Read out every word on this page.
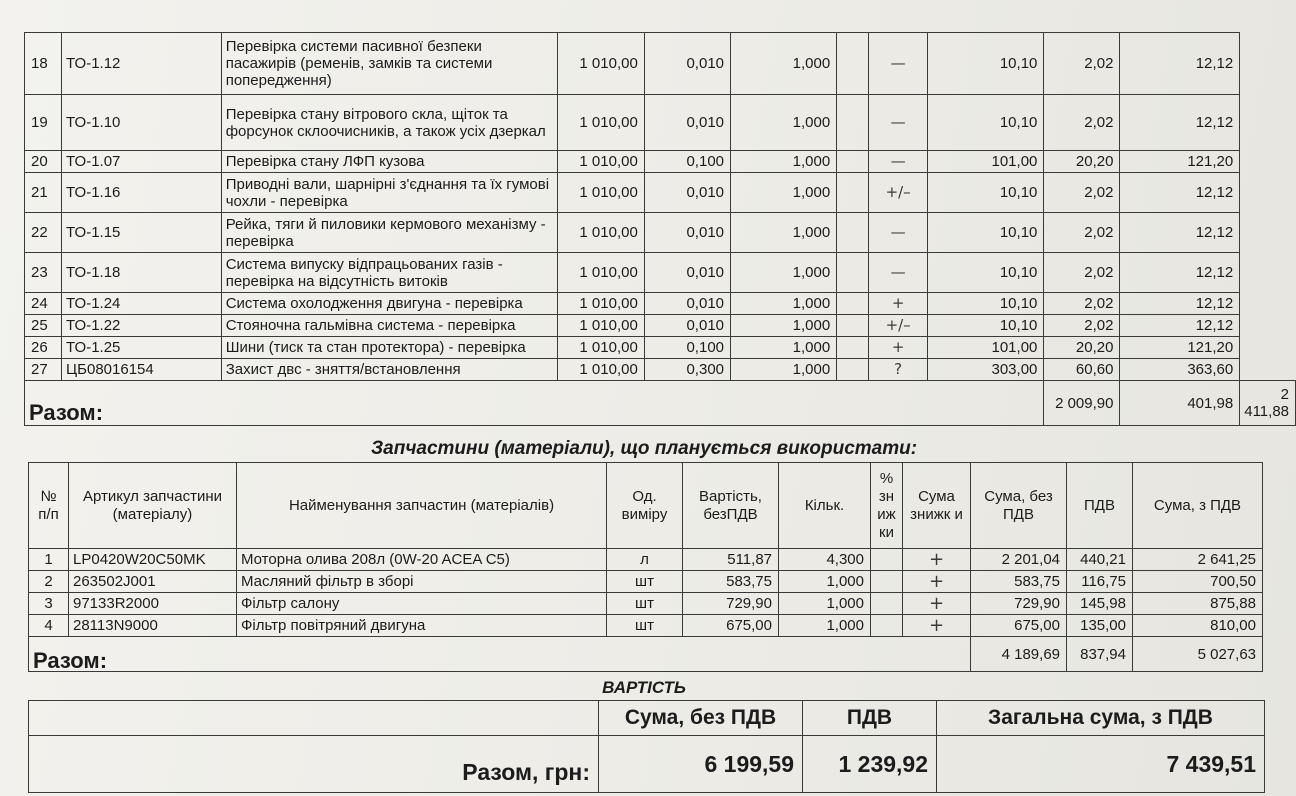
18	ТО-1.12	Перевірка системи пасивної безпеки пасажирів (ременів, замків та системи попередження)	1 010,00	0,010	1,000		—	10,10	2,02	12,12	
19	ТО-1.10	Перевірка стану вітрового скла, щіток та форсунок склоочисників, а також усіх дзеркал	1 010,00	0,010	1,000		—	10,10	2,02	12,12	
20	ТО-1.07	Перевірка стану ЛФП кузова	1 010,00	0,100	1,000		—	101,00	20,20	121,20	
21	ТО-1.16	Приводні вали, шарнірні з'єднання та їх гумові чохли - перевірка	1 010,00	0,010	1,000		+/–	10,10	2,02	12,12	
22	ТО-1.15	Рейка, тяги й пиловики кермового механізму - перевірка	1 010,00	0,010	1,000		—	10,10	2,02	12,12	
23	ТО-1.18	Система випуску відпрацьованих газів - перевірка на відсутність витоків	1 010,00	0,010	1,000		—	10,10	2,02	12,12	
24	ТО-1.24	Система охолодження двигуна - перевірка	1 010,00	0,010	1,000		+	10,10	2,02	12,12	
25	ТО-1.22	Стояночна гальмівна система - перевірка	1 010,00	0,010	1,000		+/–	10,10	2,02	12,12	
26	ТО-1.25	Шини (тиск та стан протектора) - перевірка	1 010,00	0,100	1,000		+	101,00	20,20	121,20	
27	ЦБ08016154	Захист двс - зняття/встановлення	1 010,00	0,300	1,000		?	303,00	60,60	363,60	
Разом:									2 009,90	401,98	2 411,88
Запчастини (матеріали), що планується використати:
№ п/п	Артикул запчастини (матеріалу)	Найменування запчастин (матеріалів)	Од. виміру	Вартість, безПДВ	Кільк.	% зн иж ки	Сума знижк и	Сума, без ПДВ	ПДВ	Сума, з ПДВ
1	LP0420W20C50MK	Моторна олива 208л (0W-20 ACEA C5)	л	511,87	4,300		+	2 201,04	440,21	2 641,25
2	263502J001	Масляний фільтр в зборі	шт	583,75	1,000		+	583,75	116,75	700,50
3	97133R2000	Фільтр салону	шт	729,90	1,000		+	729,90	145,98	875,88
4	28113N9000	Фільтр повітряний двигуна	шт	675,00	1,000		+	675,00	135,00	810,00
Разом:								4 189,69	837,94	5 027,63
ВАРТІСТЬ
	Сума, без ПДВ	ПДВ	Загальна сума, з ПДВ
Разом, грн:	6 199,59	1 239,92	7 439,51
